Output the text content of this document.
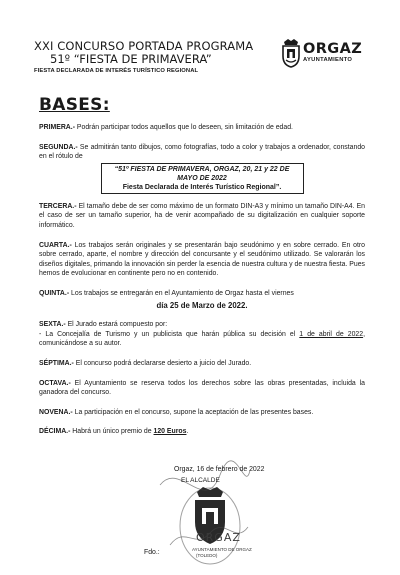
XXI CONCURSO PORTADA PROGRAMA
51º “FIESTA DE PRIMAVERA”
FIESTA DECLARADA DE INTERÉS TURÍSTICO REGIONAL
ORGAZ
AYUNTAMIENTO
BASES:

PRIMERA.- Podrán participar todos aquellos que lo deseen, sin limitación de edad.

SEGUNDA.- Se admitirán tanto dibujos, como fotografías, todo a color y trabajos a ordenador, constando en el rótulo de

“51º FIESTA DE PRIMAVERA, ORGAZ, 20, 21 y 22 DE MAYO DE 2022
Fiesta Declarada de Interés Turístico Regional”.

TERCERA.- El tamaño debe de ser como máximo de un formato DIN-A3 y mínimo un tamaño DIN-A4. En el caso de ser un tamaño superior, ha de venir acompañado de su digitalización en cualquier soporte informático.

CUARTA.- Los trabajos serán originales y se presentarán bajo seudónimo y en sobre cerrado. En otro sobre cerrado, aparte, el nombre y dirección del concursante y el seudónimo utilizado. Se valorarán los diseños digitales, primando la innovación sin perder la esencia de nuestra cultura y de nuestra fiesta. Pues hemos de evolucionar en continente pero no en contenido.

QUINTA.- Los trabajos se entregarán en el Ayuntamiento de Orgaz hasta el viernes

día 25 de Marzo de 2022.

SEXTA.- El Jurado estará compuesto por:

- La Concejalía de Turismo y un publicista que harán pública su decisión el 1 de abril de 2022, comunicándose a su autor.

SÉPTIMA.- El concurso podrá declararse desierto a juicio del Jurado.

OCTAVA.- El Ayuntamiento se reserva todos los derechos sobre las obras presentadas, incluida la ganadora del concurso.

NOVENA.- La participación en el concurso, supone la aceptación de las presentes bases.

DÉCIMA.- Habrá un único premio de 120 Euros.

Orgaz, 16 de febrero de 2022
EL ALCALDE
ORGAZ
AYUNTAMIENTO DE ORGAZ
(TOLEDO)
Fdo.:
